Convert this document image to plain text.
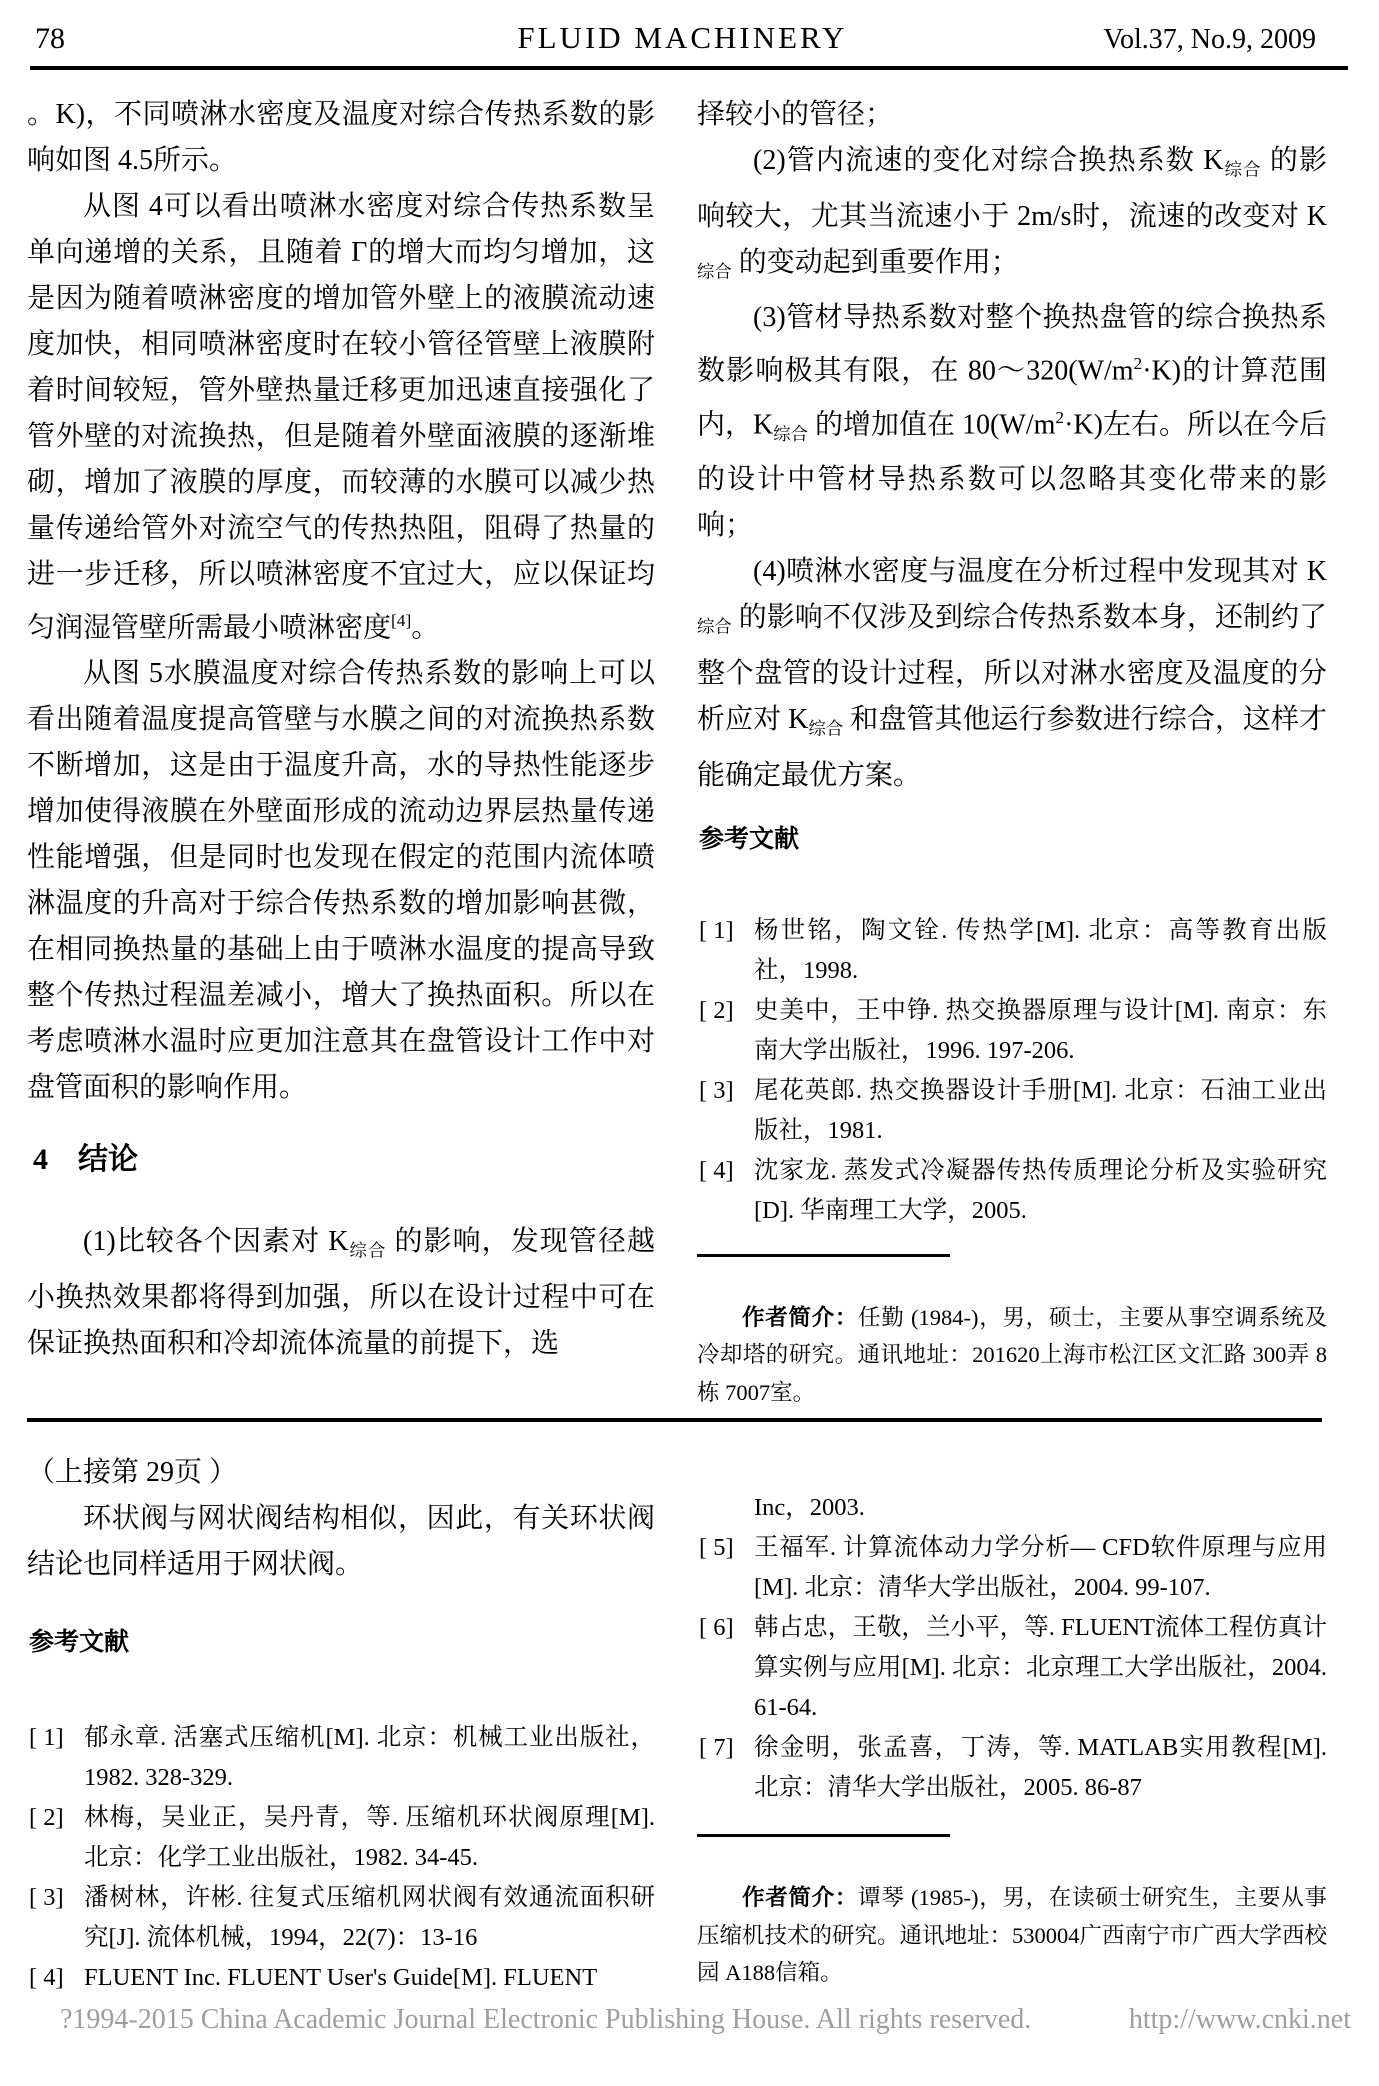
78	FLUID MACHINERY	Vol.37, No.9, 2009

。K)，不同喷淋水密度及温度对综合传热系数的影响如图 4.5所示。

从图 4可以看出喷淋水密度对综合传热系数呈单向递增的关系，且随着 Γ的增大而均匀增加，这是因为随着喷淋密度的增加管外壁上的液膜流动速度加快，相同喷淋密度时在较小管径管壁上液膜附着时间较短，管外壁热量迁移更加迅速直接强化了管外壁的对流换热，但是随着外壁面液膜的逐渐堆砌，增加了液膜的厚度，而较薄的水膜可以减少热量传递给管外对流空气的传热热阻，阻碍了热量的进一步迁移，所以喷淋密度不宜过大，应以保证均匀润湿管壁所需最小喷淋密度[4]。

从图 5水膜温度对综合传热系数的影响上可以看出随着温度提高管壁与水膜之间的对流换热系数不断增加，这是由于温度升高，水的导热性能逐步增加使得液膜在外壁面形成的流动边界层热量传递性能增强，但是同时也发现在假定的范围内流体喷淋温度的升高对于综合传热系数的增加影响甚微，在相同换热量的基础上由于喷淋水温度的提高导致整个传热过程温差减小，增大了换热面积。所以在考虑喷淋水温时应更加注意其在盘管设计工作中对盘管面积的影响作用。

4　结论

(1)比较各个因素对 $K_{综合}$ 的影响，发现管径越小换热效果都将得到加强，所以在设计过程中可在保证换热面积和冷却流体流量的前提下，选

择较小的管径；

(2)管内流速的变化对综合换热系数 $K_{综合}$ 的影响较大，尤其当流速小于 2m/s时，流速的改变对 $K_{综合}$ 的变动起到重要作用；

(3)管材导热系数对整个换热盘管的综合换热系数影响极其有限，在 $80\sim 320(W/m^2\cdot K)$的计算范围内，$K_{综合}$ 的增加值在 $10(W/m^2\cdot K)$左右。所以在今后的设计中管材导热系数可以忽略其变化带来的影响；

(4)喷淋水密度与温度在分析过程中发现其对 $K_{综合}$ 的影响不仅涉及到综合传热系数本身，还制约了整个盘管的设计过程，所以对淋水密度及温度的分析应对 $K_{综合}$ 和盘管其他运行参数进行综合，这样才能确定最优方案。

参考文献

[ 1] 杨世铭，陶文铨. 传热学[M]. 北京：高等教育出版社，1998.
[ 2] 史美中，王中铮. 热交换器原理与设计[M]. 南京：东南大学出版社，1996. 197-206.
[ 3] 尾花英郎. 热交换器设计手册[M]. 北京：石油工业出版社，1981.
[ 4] 沈家龙. 蒸发式冷凝器传热传质理论分析及实验研究[D]. 华南理工大学，2005.

作者简介：任勤 (1984-)，男，硕士，主要从事空调系统及冷却塔的研究。通讯地址：201620上海市松江区文汇路 300弄 8栋 7007室。

（上接第 29页 ）

环状阀与网状阀结构相似，因此，有关环状阀结论也同样适用于网状阀。

参考文献

[ 1] 郁永章. 活塞式压缩机[M]. 北京：机械工业出版社，1982. 328-329.
[ 2] 林梅，吴业正，吴丹青，等. 压缩机环状阀原理[M]. 北京：化学工业出版社，1982. 34-45.
[ 3] 潘树林，许彬. 往复式压缩机网状阀有效通流面积研究[J]. 流体机械，1994，22(7)：13-16
[ 4] FLUENT Inc. FLUENT User's Guide[M]. FLUENT
Inc，2003.
[ 5] 王福军. 计算流体动力学分析— CFD软件原理与应用[M]. 北京：清华大学出版社，2004. 99-107.
[ 6] 韩占忠，王敬，兰小平，等. FLUENT流体工程仿真计算实例与应用[M]. 北京：北京理工大学出版社，2004. 61-64.
[ 7] 徐金明，张孟喜，丁涛，等. MATLAB实用教程[M]. 北京：清华大学出版社，2005. 86-87

作者简介：谭琴 (1985-)，男，在读硕士研究生，主要从事压缩机技术的研究。通讯地址：530004广西南宁市广西大学西校园 A188信箱。

?1994-2015 China Academic Journal Electronic Publishing House. All rights reserved.	http://www.cnki.net
